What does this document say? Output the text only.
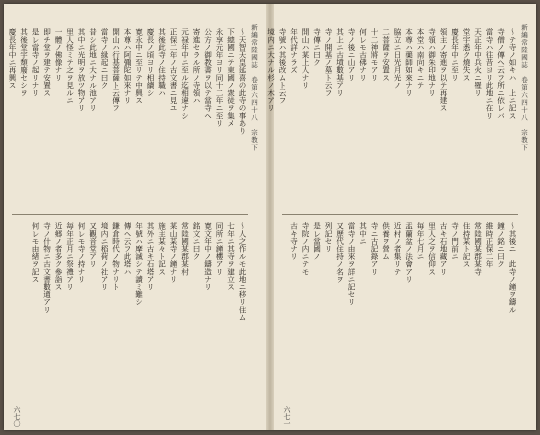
新編常陸國誌　卷第六四十八　宗教下
〜天智天皇延喜の此寺の事あり
下總國ニテ東國ノ衆徒ヲ集メ
永享元年ヨリ同十二年ニ至リ
公方ノ御教書ヲ以テ當寺ヘ
寄進セラル所ノ寺領ハ
元禄年中ニ至ル迄相違ナシ
正保二年ノ古文書ニ見ユ
其後此寺ノ住持職ハ
慶長ノ頃ヨリ相續シ
寛永中ニ至リテ中興ス
本尊ハ阿彌陀如來ナリ
開山ハ行基菩薩ト云傳フ
當寺ノ縁起ニ曰ク
昔シ此地ニ大ナル池アリ
其中ニ光明ヲ放ツ物アリ
里人怪ミテ之ヲ見ルニ
一體ノ佛像ナリ
即チ堂ヲ建テ安置ス
是レ當寺ノ起リナリ
其後堂宇頽廢セシヲ
慶長年中ニ再興ス
〜人之作ルモ此地ニ移リ住ム
七年ニ其寺ヲ建立ス
同所ニ鐘樓アリ
寛文年中ノ鑄造ナリ
銘文ニ曰ク
常陸國某郡某村
某山某寺ノ鐘ナリ
施主某々ト記ス
其外ニ古キ石塔アリ
年號ハ摩滅シテ讀ミ難シ
傳ヘ云フ此塔ハ
鎌倉時代ノ物ナリト
境内ニ稻荷ノ社アリ
又觀音堂アリ
何レモ寺ノ持ナリ
毎年正月ニ祭禮アリ
近郷ノ者多ク參詣ス
寺ノ什物ニ古文書數通アリ
何レモ由緒ヲ記ス
六七〇
新編常陸國誌　卷第六四十八　宗教下
〜テ寺ノ如キハ　上ニ記ス
寺僧ノ傳ヘ云フ所ニ依レバ
當寺ハ往昔ヨリ此地ニ在リ
天正年中兵火ニ罹リ
堂宇悉ク燒失ス
慶長年中ニ至リ
領主ノ寄進ヲ以テ再建ス
寺領ハ御朱印地ナリ
本堂ハ南向キニテ
本尊ハ藥師如來ナリ
脇立ニ日光月光ノ
二菩薩ヲ安置ス
十二神將モアリ
何レモ古佛ナリ
寺ノ後ニ山アリ
其上ニ古墳數基アリ
寺ノ開基ノ墓ト云フ
寺傳ニ曰ク
開山ハ某上人ナリ
年代詳ナラズ
寺號ハ其後改ムト云フ
境内ニ大ナル杉ノ木アリ
〜其後ニ　此寺ノ鐘ヲ鑄ル
鐘ノ銘ニ曰ク
維時正保二年
常陸國某郡某寺
住持某ト記ス
寺ノ門前ニ
古キ石地藏アリ
里人之ヲ信仰ス
毎年七月ニ
盂蘭盆ノ法會アリ
近村ノ者集リテ
供養ヲ營ム
寺ニ古記錄アリ
其中ニ
當寺ノ由來ヲ詳ニ記セリ
又歷代住持ノ名ヲ
列記セリ
是レ當國ノ
寺院ノ内ニテモ
古キ寺ナリ
六七一
